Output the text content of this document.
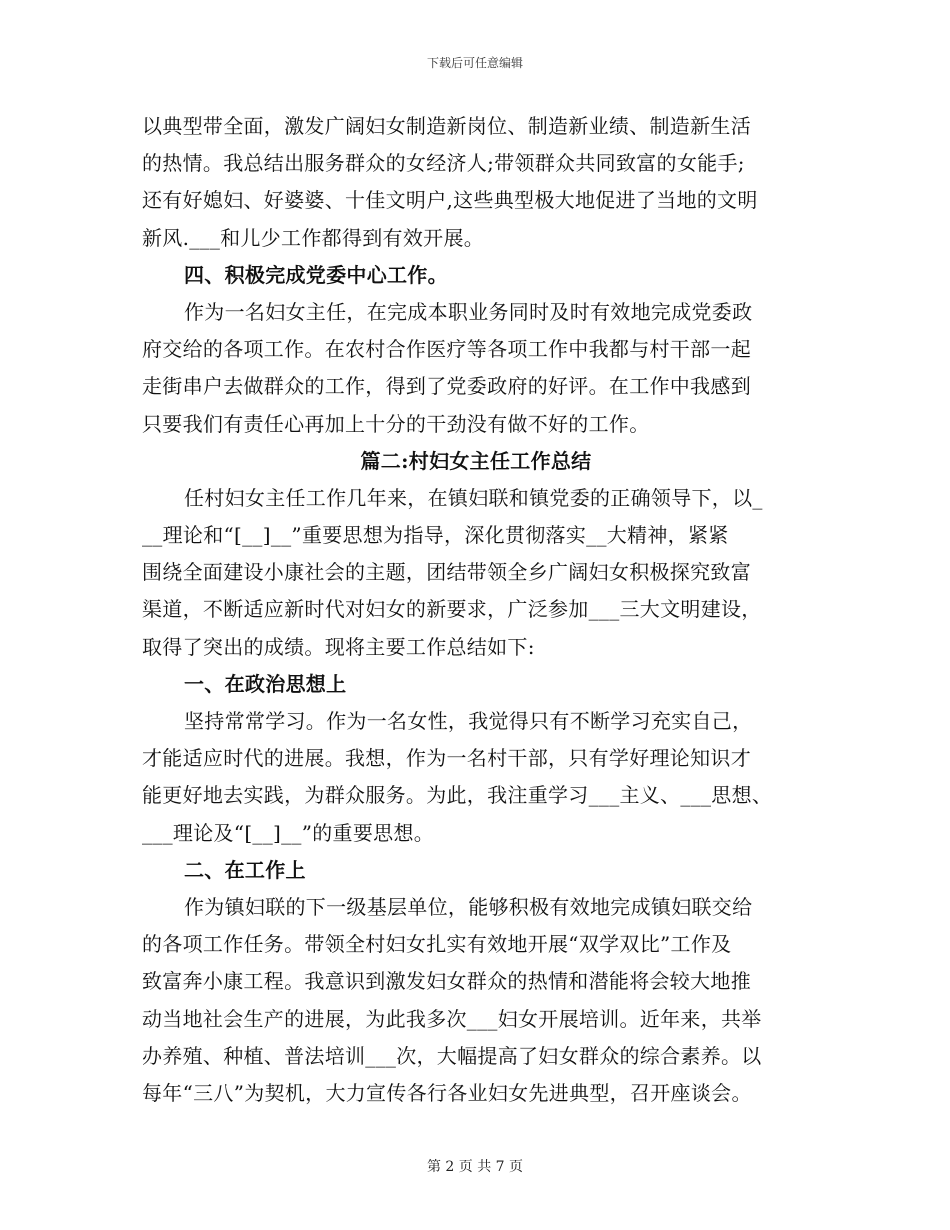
下载后可任意编辑
以典型带全面，激发广阔妇女制造新岗位、制造新业绩、制造新生活
的热情。我总结出服务群众的女经济人;带领群众共同致富的女能手;
还有好媳妇、好婆婆、十佳文明户,这些典型极大地促进了当地的文明
新风.___和儿少工作都得到有效开展。
四、积极完成党委中心工作。
作为一名妇女主任，在完成本职业务同时及时有效地完成党委政
府交给的各项工作。在农村合作医疗等各项工作中我都与村干部一起
走街串户去做群众的工作，得到了党委政府的好评。在工作中我感到
只要我们有责任心再加上十分的干劲没有做不好的工作。
篇二:村妇女主任工作总结
任村妇女主任工作几年来，在镇妇联和镇党委的正确领导下，以_
__理论和“[__]__”重要思想为指导，深化贯彻落实__大精神，紧紧
围绕全面建设小康社会的主题，团结带领全乡广阔妇女积极探究致富
渠道，不断适应新时代对妇女的新要求，广泛参加___三大文明建设，
取得了突出的成绩。现将主要工作总结如下:
一、在政治思想上
坚持常常学习。作为一名女性，我觉得只有不断学习充实自己，
才能适应时代的进展。我想，作为一名村干部，只有学好理论知识才
能更好地去实践，为群众服务。为此，我注重学习___主义、___思想、
___理论及“[__]__”的重要思想。
二、在工作上
作为镇妇联的下一级基层单位，能够积极有效地完成镇妇联交给
的各项工作任务。带领全村妇女扎实有效地开展“双学双比”工作及
致富奔小康工程。我意识到激发妇女群众的热情和潜能将会较大地推
动当地社会生产的进展，为此我多次___妇女开展培训。近年来，共举
办养殖、种植、普法培训___次，大幅提高了妇女群众的综合素养。以
每年“三八”为契机，大力宣传各行各业妇女先进典型，召开座谈会。
第 2 页 共 7 页
